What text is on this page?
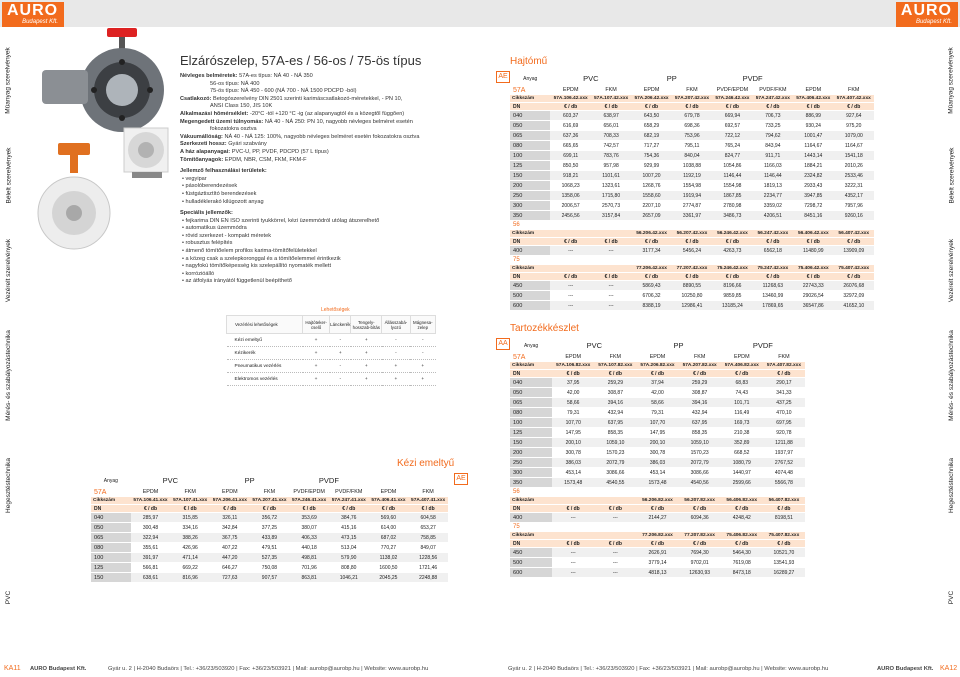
AURO
Budapest Kft.
AURO
Budapest Kft.
Mûanyag szerelvények
Bélelt szerelvények
Vezérelt szerelvények
Mérés- és szabályozástechnika
Hegesztéstechnika
PVC
Mûanyag szerelvények
Bélelt szerelvények
Vezérelt szerelvények
Mérés- és szabályozástechnika
Hegesztéstechnika
PVC
Elzárószelep, 57A-es / 56-os / 75-ös típus
Névleges belméretek: 57A-es típus: NÁ 40 - NÁ 350
56-os típus: NÁ 400
75-ös típus: NÁ 450 - 600 (NÁ 700 - NÁ 1500 PDCPD -ból)
Csatlakozó: Betogószerelvény DIN 2501 szerinti karimáscsatlakozó-méretekkel, - PN 10,
ANSI Class 150, JIS 10K
Alkalmazási hõmérséklet: -20°C -tól +120 °C -ig (az alapanyagtól és a közegtõl függõen)
Megengedett üzemi túlnyomás: NÁ 40 - NÁ 250: PN 10, nagyobb névleges belméret esetén
fokozatokra osztva
Vákuumállóság: NÁ 40 - NÁ 125: 100%, nagyobb névleges belméret esetén fokozatokra osztva
Szerkezeti hossz: Gyári szabvány
A ház alapanyagai: PVC-U, PP, PVDF, PDCPD (57 L típus)
Tömítőanyagok: EPDM, NBR, CSM, FKM, FKM-F
Jellemző felhasználási területek:
• vegyipar
• pásolóberendezések
• füstgáztisztító berendezések
• hulladéklerakó kilúgozott anyag
Speciális jellemzők:
• fejkarima DIN EN ISO szerinti tyukkörrel, kézi üzemmódról utólag átszerelhető
• automatikus üzemmódra
• rövid szerkezet - kompakt méretek
• robusztus felépítés
• átmenő tömítőelem profilos karima-tömítőfelületekkel
• a közeg csak a szelepkoronggal és a tömítőelemmel érintkezik
• nagyfokú tömítőképesség kis szelepállító nyomaték mellett
• korrózióálló
• az átfolyás irányától függetlenül beépíthető
Lehetőségek
Vezérlési lehetőségek	Hajtóteker-cselő	Lánckerék	Tengely-hosszab-bítás	Állásszabá-lyozó	Mágnesa-zelep
Kézi emeltyű	+	-	+	-	-
Kézikerék	+	+	+	-	-
Pneumatikus vezérlés	+	-	+	+	+
Elektromos vezérlés	+	-	+	+	+
Kézi emeltyű
AE
Anyag	PVC		PP		PVDF			
57A	EPDM	FKM	EPDM	FKM	PVDF/EPDM	PVDF/FKM	EPDM	FKM
Cikkszám	57A.106.41.xxx	57A.107.41.xxx	57A.206.41.xxx	57A.207.41.xxx	57A.246.41.xxx	57A.247.41.xxx	57A.406.41.xxx	57A.407.41.xxx
DN	€ / db	€ / db	€ / db	€ / db	€ / db	€ / db	€ / db	€ / db
040	285,97	315,85	326,11	356,72	353,69	384,76	569,60	604,58
050	300,48	334,16	342,84	377,25	380,07	415,16	614,00	653,27
065	322,94	388,26	367,75	433,89	406,33	473,15	687,02	758,85
080	355,61	426,96	407,22	479,51	440,18	513,04	770,27	849,07
100	391,97	471,14	447,20	527,35	498,81	579,90	1138,02	1228,56
125	566,81	669,22	646,27	750,08	701,96	808,80	1600,50	1721,46
150	638,61	816,96	727,63	907,57	863,81	1046,21	2045,25	2248,88
Hajtómű
AE	Anyag	PVC		PP		PVDF			
57A	EPDM	FKM	EPDM	FKM	PVDF/EPDM	PVDF/FKM	EPDM	FKM
Cikkszám	57A.106.42.xxx	57A.107.42.xxx	57A.206.42.xxx	57A.207.42.xxx	57A.246.42.xxx	57A.247.42.xxx	57A.406.42.xxx	57A.407.42.xxx
DN	€ / db	€ / db	€ / db	€ / db	€ / db	€ / db	€ / db	€ / db
040	603,37	638,97	643,50	679,78	669,94	706,73	886,99	927,64
050	616,69	656,01	658,29	698,36	692,57	733,25	930,24	975,20
065	637,36	708,33	682,19	753,96	722,12	794,62	1001,47	1079,00
080	665,65	742,57	717,27	795,11	765,24	843,94	1164,67	1164,67
100	699,11	783,76	754,36	840,04	824,77	911,71	1443,14	1541,18
125	850,50	957,98	929,99	1038,88	1054,86	1166,03	1884,21	2010,26
150	918,21	1101,61	1007,20	1192,19	1146,44	1146,44	2324,82	2533,46
200	1068,23	1323,61	1268,76	1554,98	1554,98	1819,13	2933,43	3222,31
250	1358,06	1715,80	1558,60	1919,94	1867,85	2234,77	3947,85	4352,17
300	2006,57	2570,73	2207,10	2774,87	2780,98	3359,02	7298,72	7957,96
350	2456,56	3157,84	2657,09	3361,97	3486,73	4206,51	8451,16	9260,16
56								
Cikkszám			56.206.42.xxx	56.207.42.xxx	56.246.42.xxx	56.247.42.xxx	56.406.42.xxx	56.407.42.xxx
DN	€ / db	€ / db	€ / db	€ / db	€ / db	€ / db	€ / db	€ / db
400	---	---	3177,34	5456,24	4263,73	6562,18	11480,99	13909,09
75								
Cikkszám			77.206.42.xxx	77.207.42.xxx	75.246.42.xxx	75.247.42.xxx	75.406.42.xxx	75.407.42.xxx
DN	€ / db	€ / db	€ / db	€ / db	€ / db	€ / db	€ / db	€ / db
450	---	---	5869,43	8890,55	8196,66	11268,63	22743,33	26076,68
500	---	---	6706,32	10250,80	9859,85	13460,99	29026,54	32972,09
600	---	---	8388,19	12986,41	13185,24	17869,65	36547,86	41652,10
Tartozékkészlet
AA	Anyag	PVC		PP		PVDF	
57A	EPDM	FKM	EPDM	FKM	EPDM	FKM
Cikkszám	57A.106.82.xxx	57A.107.82.xxx	57A.206.82.xxx	57A.207.82.xxx	57A.406.82.xxx	57A.407.82.xxx
DN	€ / db	€ / db	€ / db	€ / db	€ / db	€ / db
040	37,95	259,29	37,94	259,29	68,83	290,17
050	42,00	308,87	42,00	308,87	74,43	341,33
065	58,66	394,16	58,66	394,16	101,71	437,25
080	79,31	432,94	79,31	432,94	116,49	470,10
100	107,70	637,95	107,70	637,95	169,73	697,95
125	147,95	858,35	147,95	858,35	210,38	920,78
150	200,10	1059,10	200,10	1059,10	352,89	1211,88
200	300,78	1570,23	300,78	1570,23	668,52	1937,97
250	386,03	2072,79	386,03	2072,79	1080,79	2767,52
300	453,14	3086,66	453,14	3086,66	1440,97	4074,48
350	1573,48	4540,55	1573,48	4540,56	2599,66	5566,78
56						
Cikkszám			56.206.82.xxx	56.207.82.xxx	56.406.82.xxx	56.407.82.xxx
DN	€ / db	€ / db	€ / db	€ / db	€ / db	€ / db
400	---	---	2144,27	6094,36	4248,42	8198,51
75						
Cikkszám			77.206.82.xxx	77.207.82.xxx	75.406.82.xxx	75.407.82.xxx
DN	€ / db	€ / db	€ / db	€ / db	€ / db	€ / db
450	---	---	2626,91	7694,30	5464,30	10521,70
500	---	---	3779,14	9702,01	7619,08	13541,93
600	---	---	4818,13	12630,93	8473,18	16289,27
KA11 AURO Budapest Kft.	Gyár u. 2 | H-2040 Budaörs | Tel.: +36/23/503920 | Fax: +36/23/503921 | Mail: aurobp@aurobp.hu | Website: www.aurobp.hu	Gyár u. 2 | H-2040 Budaörs | Tel.: +36/23/503920 | Fax: +36/23/503921 | Mail: aurobp@aurobp.hu | Website: www.aurobp.hu	AURO Budapest Kft. KA12
